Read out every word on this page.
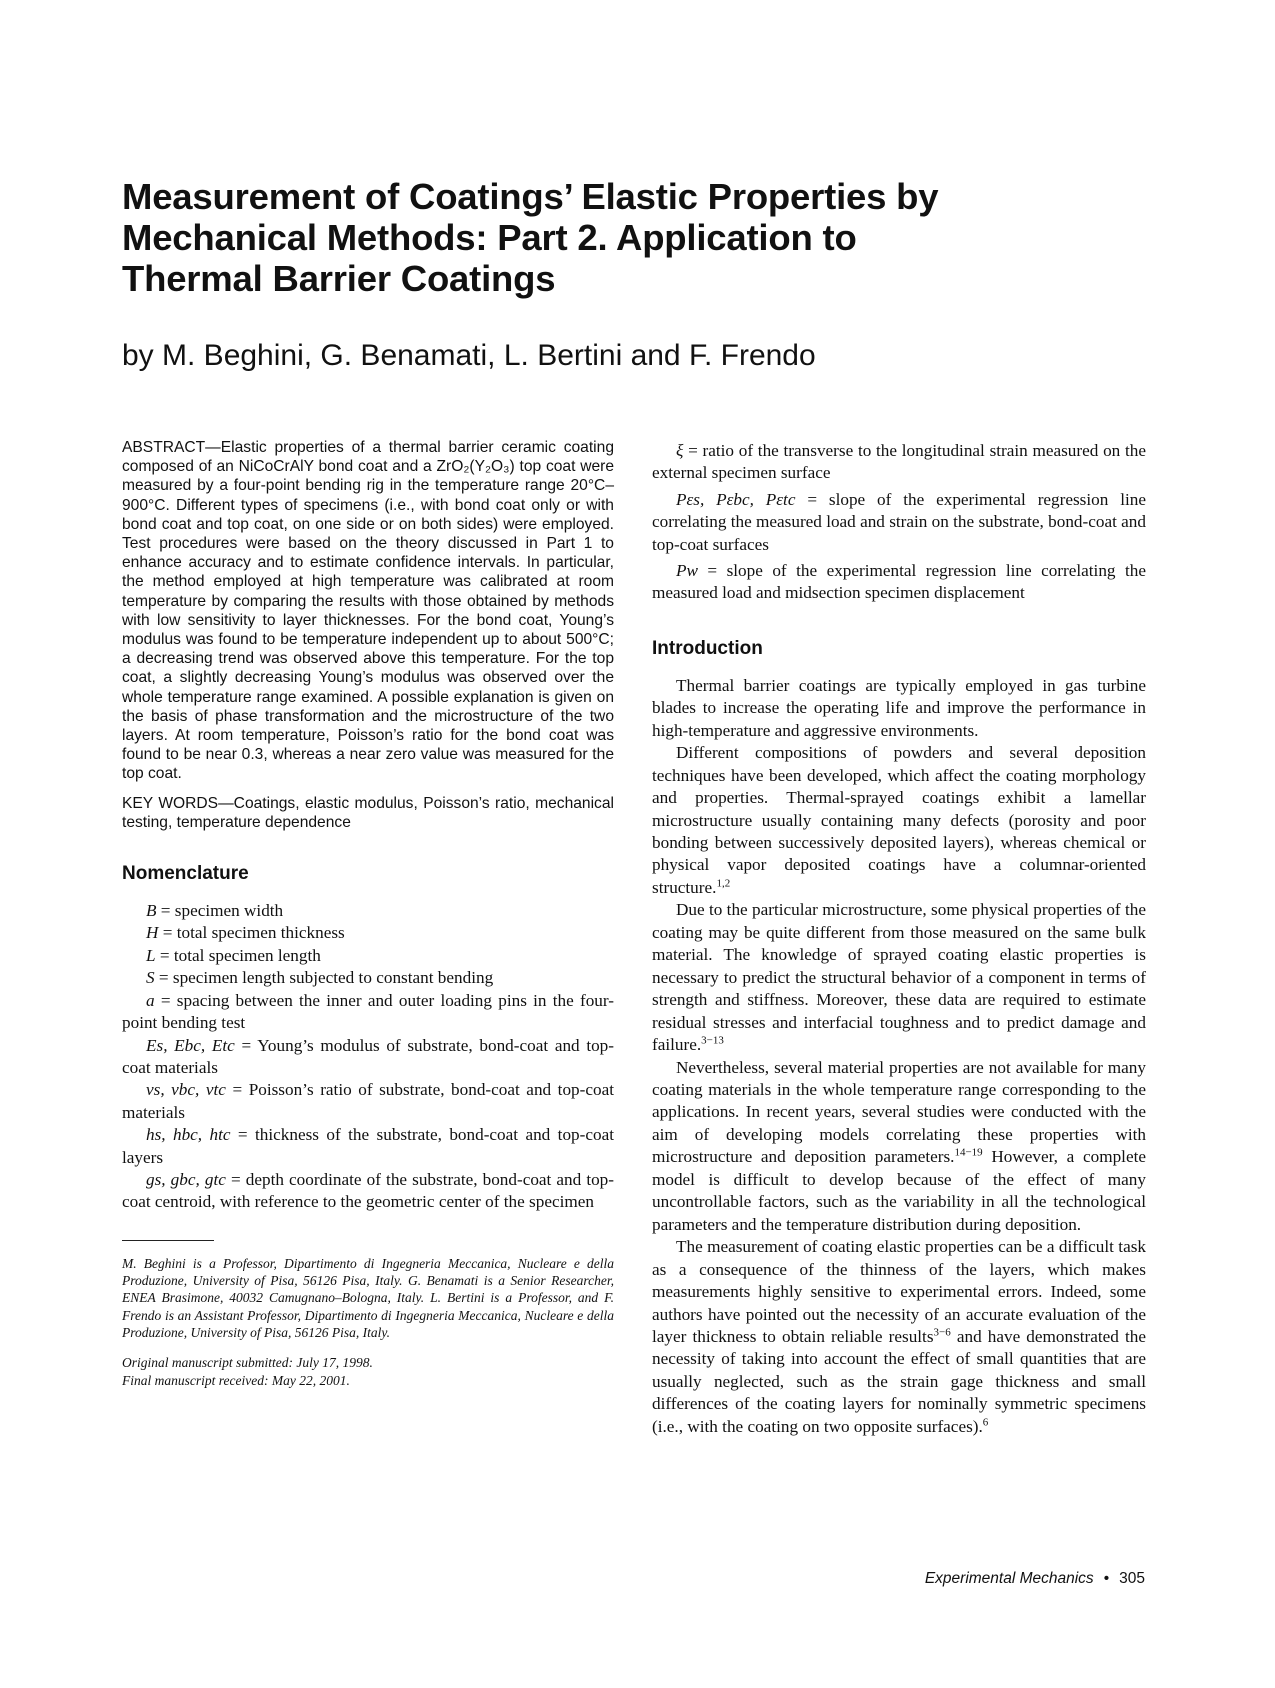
Measurement of Coatings’ Elastic Properties by
Mechanical Methods: Part 2. Application to
Thermal Barrier Coatings
by M. Beghini, G. Benamati, L. Bertini and F. Frendo

ABSTRACT—Elastic properties of a thermal barrier ceramic coating composed of an NiCoCrAlY bond coat and a ZrO₂(Y₂O₃) top coat were measured by a four-point bending rig in the temperature range 20°C–900°C. Different types of specimens (i.e., with bond coat only or with bond coat and top coat, on one side or on both sides) were employed. Test procedures were based on the theory discussed in Part 1 to enhance accuracy and to estimate confidence intervals. In particular, the method employed at high temperature was calibrated at room temperature by comparing the results with those obtained by methods with low sensitivity to layer thicknesses. For the bond coat, Young’s modulus was found to be temperature independent up to about 500°C; a decreasing trend was observed above this temperature. For the top coat, a slightly decreasing Young’s modulus was observed over the whole temperature range examined. A possible explanation is given on the basis of phase transformation and the microstructure of the two layers. At room temperature, Poisson’s ratio for the bond coat was found to be near 0.3, whereas a near zero value was measured for the top coat.

KEY WORDS—Coatings, elastic modulus, Poisson’s ratio, mechanical testing, temperature dependence

Nomenclature
B = specimen width
H = total specimen thickness
L = total specimen length
S = specimen length subjected to constant bending
a = spacing between the inner and outer loading pins in the four-point bending test
Es, Ebc, Etc = Young’s modulus of substrate, bond-coat and top-coat materials
νs, νbc, νtc = Poisson’s ratio of substrate, bond-coat and top-coat materials
hs, hbc, htc = thickness of the substrate, bond-coat and top-coat layers
gs, gbc, gtc = depth coordinate of the substrate, bond-coat and top-coat centroid, with reference to the geometric center of the specimen

M. Beghini is a Professor, Dipartimento di Ingegneria Meccanica, Nucleare e della Produzione, University of Pisa, 56126 Pisa, Italy. G. Benamati is a Senior Researcher, ENEA Brasimone, 40032 Camugnano–Bologna, Italy. L. Bertini is a Professor, and F. Frendo is an Assistant Professor, Dipartimento di Ingegneria Meccanica, Nucleare e della Produzione, University of Pisa, 56126 Pisa, Italy.

Original manuscript submitted: July 17, 1998.
Final manuscript received: May 22, 2001.

ξ = ratio of the transverse to the longitudinal strain measured on the external specimen surface
Pεs, Pεbc, Pεtc = slope of the experimental regression line correlating the measured load and strain on the substrate, bond-coat and top-coat surfaces
Pw = slope of the experimental regression line correlating the measured load and midsection specimen displacement
Introduction

Thermal barrier coatings are typically employed in gas turbine blades to increase the operating life and improve the performance in high-temperature and aggressive environments.

Different compositions of powders and several deposition techniques have been developed, which affect the coating morphology and properties. Thermal-sprayed coatings exhibit a lamellar microstructure usually containing many defects (porosity and poor bonding between successively deposited layers), whereas chemical or physical vapor deposited coatings have a columnar-oriented structure.$^{1,2}$

Due to the particular microstructure, some physical properties of the coating may be quite different from those measured on the same bulk material. The knowledge of sprayed coating elastic properties is necessary to predict the structural behavior of a component in terms of strength and stiffness. Moreover, these data are required to estimate residual stresses and interfacial toughness and to predict damage and failure.$^{3-13}$

Nevertheless, several material properties are not available for many coating materials in the whole temperature range corresponding to the applications. In recent years, several studies were conducted with the aim of developing models correlating these properties with microstructure and deposition parameters.$^{14-19}$ However, a complete model is difficult to develop because of the effect of many uncontrollable factors, such as the variability in all the technological parameters and the temperature distribution during deposition.

The measurement of coating elastic properties can be a difficult task as a consequence of the thinness of the layers, which makes measurements highly sensitive to experimental errors. Indeed, some authors have pointed out the necessity of an accurate evaluation of the layer thickness to obtain reliable results$^{3-6}$ and have demonstrated the necessity of taking into account the effect of small quantities that are usually neglected, such as the strain gage thickness and small differences of the coating layers for nominally symmetric specimens (i.e., with the coating on two opposite surfaces).$^6$

Experimental Mechanics • 305
